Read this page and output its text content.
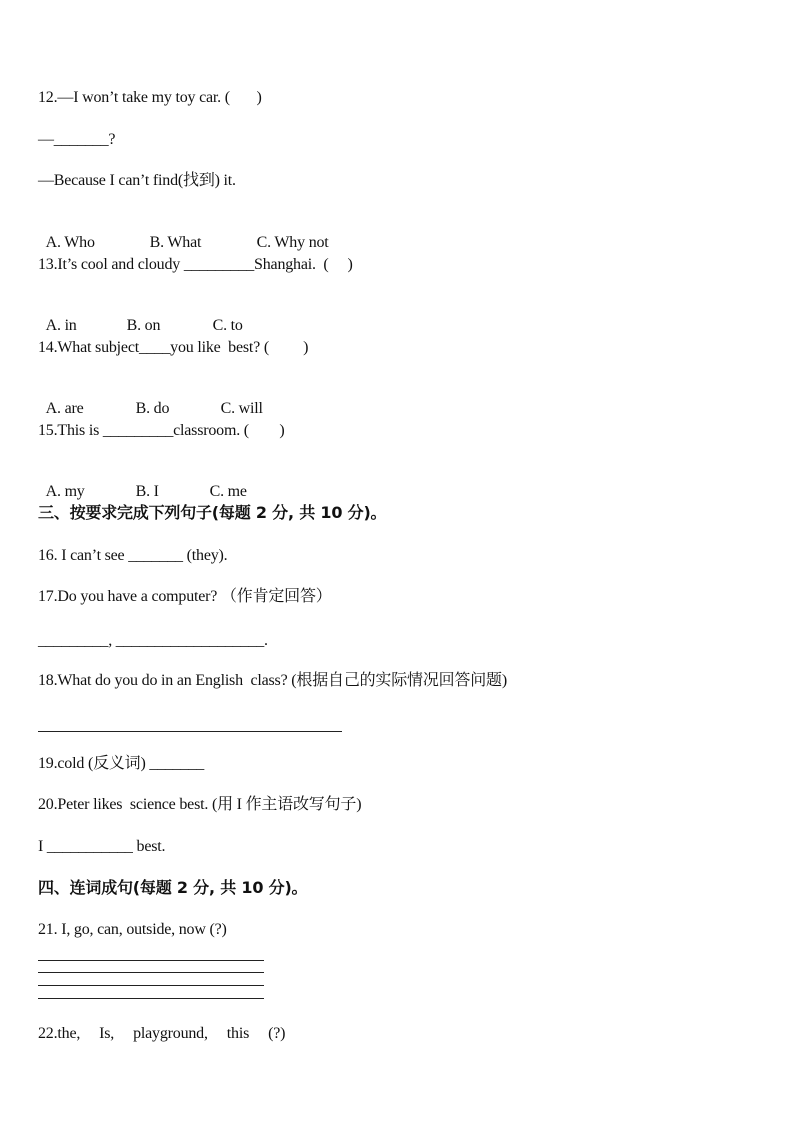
12.—I won’t take my toy car. (       )
—_______?
—Because I can’t find(找到) it.

A. Who	B. What	C. Why not

13.It’s cool and cloudy _________Shanghai.  (     )

A. in	B. on	C. to

14.What subject____you like  best? (         )

A. are	B. do	C. will

15.This is _________classroom. (        )

A. my	B. I	C. me

三、按要求完成下列句子(每题 2 分, 共 10 分)。
16. I can’t see _______ (they).
17.Do you have a computer? （作肯定回答）
_________, ___________________.
18.What do you do in an English  class? (根据自己的实际情况回答问题)
19.cold (反义词) _______
20.Peter likes  science best. (用 I 作主语改写句子)
I ___________ best.
四、连词成句(每题 2 分, 共 10 分)。
21. I, go, can, outside, now (?)
22.the,     Is,     playground,     this     (?)
